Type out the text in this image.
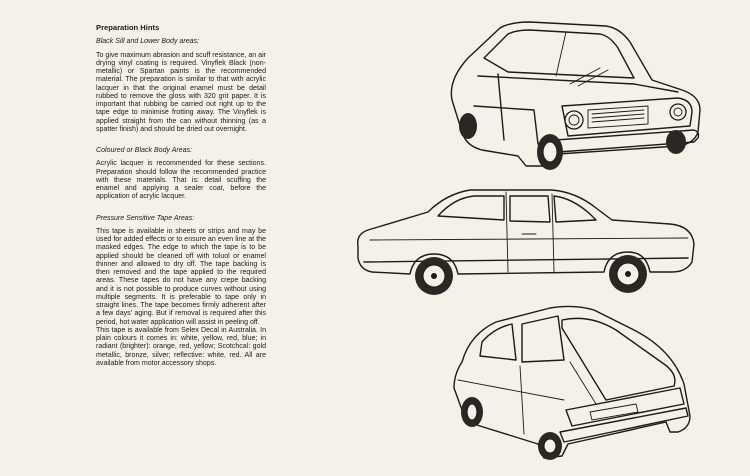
Preparation Hints
Black Sill and Lower Body areas:
To give maximum abrasion and scuff resistance, an air drying vinyl coating is required. Vinyflek Black (non-metallic) or Spartan paints is the recommended material. The preparation is similar to that with acrylic lacquer in that the original enamel must be detail rubbed to remove the gloss with 320 grit paper. It is important that rubbing be carried out right up to the tape edge to minimise frotting away. The Vinyflek is applied straight from the can without thinning (as a spatter finish) and should be dried out overnight.
Coloured or Black Body Areas:
Acrylic lacquer is recommended for these sections. Preparation should follow the recommended practice with these materials. That is: detail scuffing the enamel and applying a sealer coat, before the application of acrylic lacquer.
Pressure Sensitive Tape Areas:
This tape is available in sheets or strips and may be used for added effects or to ensure an even line at the masked edges. The edge to which the tape is to be applied should be cleaned off with toluol or enamel thinner and allowed to dry off. The tape backing is then removed and the tape applied to the required areas. These tapes do not have any crepe backing and it is not possible to produce curves without using multiple segments. It is preferable to tape only in straight lines. The tape becomes firmly adherent after a few days' aging. But if removal is required after this period, hot water application will assist in peeling off.
This tape is available from Selex Decal in Australia. In plain colours it comes in: white, yellow, red, blue; in radiant (brighter): orange, red, yellow; Scotchcal: gold metallic, bronze, silver; reflective: white, red. All are available from motor accessory shops.
